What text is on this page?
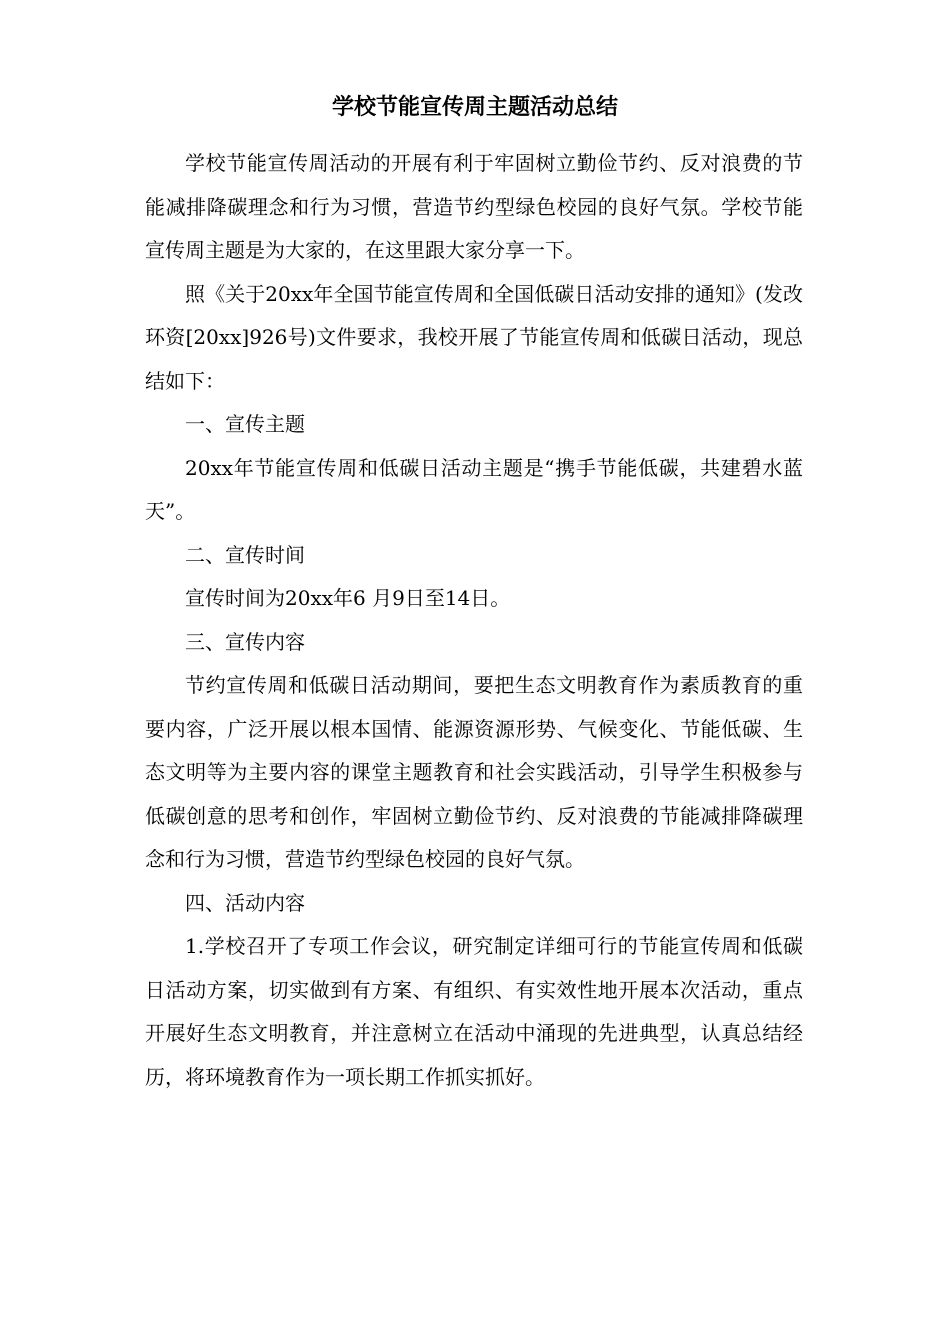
学校节能宣传周主题活动总结

学校节能宣传周活动的开展有利于牢固树立勤俭节约、反对浪费的节能减排降碳理念和行为习惯，营造节约型绿色校园的良好气氛。学校节能宣传周主题是为大家的，在这里跟大家分享一下。

照《关于20xx年全国节能宣传周和全国低碳日活动安排的通知》(发改环资[20xx]926号)文件要求，我校开展了节能宣传周和低碳日活动，现总结如下：

一、宣传主题

20xx年节能宣传周和低碳日活动主题是“携手节能低碳，共建碧水蓝天”。

二、宣传时间

宣传时间为20xx年6 月9日至14日。

三、宣传内容

节约宣传周和低碳日活动期间，要把生态文明教育作为素质教育的重要内容，广泛开展以根本国情、能源资源形势、气候变化、节能低碳、生态文明等为主要内容的课堂主题教育和社会实践活动，引导学生积极参与低碳创意的思考和创作，牢固树立勤俭节约、反对浪费的节能减排降碳理念和行为习惯，营造节约型绿色校园的良好气氛。

四、活动内容

1.学校召开了专项工作会议，研究制定详细可行的节能宣传周和低碳日活动方案，切实做到有方案、有组织、有实效性地开展本次活动，重点开展好生态文明教育，并注意树立在活动中涌现的先进典型，认真总结经历，将环境教育作为一项长期工作抓实抓好。
